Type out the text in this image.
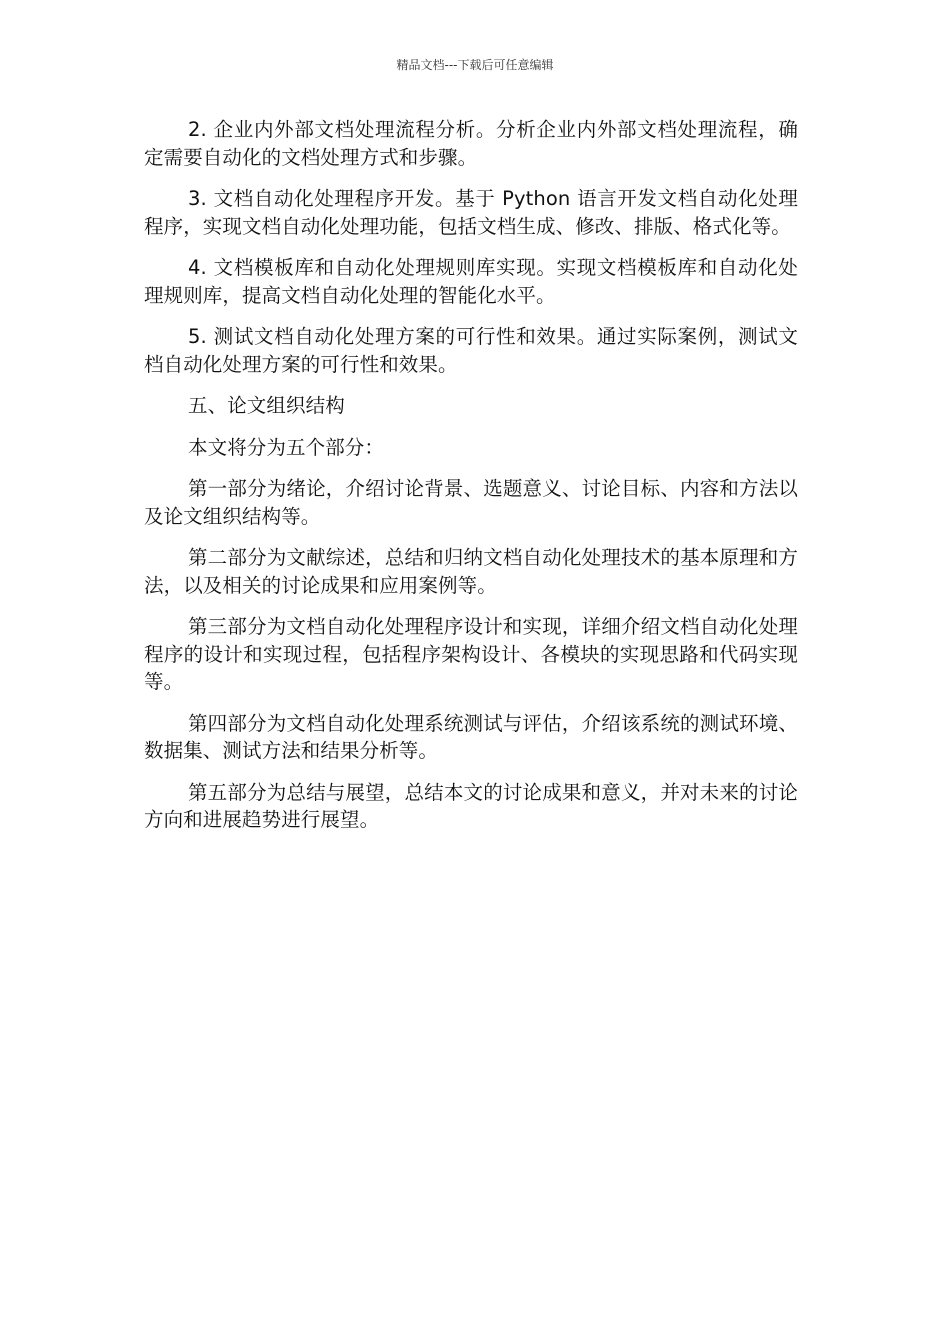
精品文档---下载后可任意编辑

2. 企业内外部文档处理流程分析。分析企业内外部文档处理流程，确定需要自动化的文档处理方式和步骤。

3. 文档自动化处理程序开发。基于 Python 语言开发文档自动化处理程序，实现文档自动化处理功能，包括文档生成、修改、排版、格式化等。

4. 文档模板库和自动化处理规则库实现。实现文档模板库和自动化处理规则库，提高文档自动化处理的智能化水平。

5. 测试文档自动化处理方案的可行性和效果。通过实际案例，测试文档自动化处理方案的可行性和效果。

五、论文组织结构

本文将分为五个部分：

第一部分为绪论，介绍讨论背景、选题意义、讨论目标、内容和方法以及论文组织结构等。

第二部分为文献综述，总结和归纳文档自动化处理技术的基本原理和方法，以及相关的讨论成果和应用案例等。

第三部分为文档自动化处理程序设计和实现，详细介绍文档自动化处理程序的设计和实现过程，包括程序架构设计、各模块的实现思路和代码实现等。

第四部分为文档自动化处理系统测试与评估，介绍该系统的测试环境、数据集、测试方法和结果分析等。

第五部分为总结与展望，总结本文的讨论成果和意义，并对未来的讨论方向和进展趋势进行展望。
